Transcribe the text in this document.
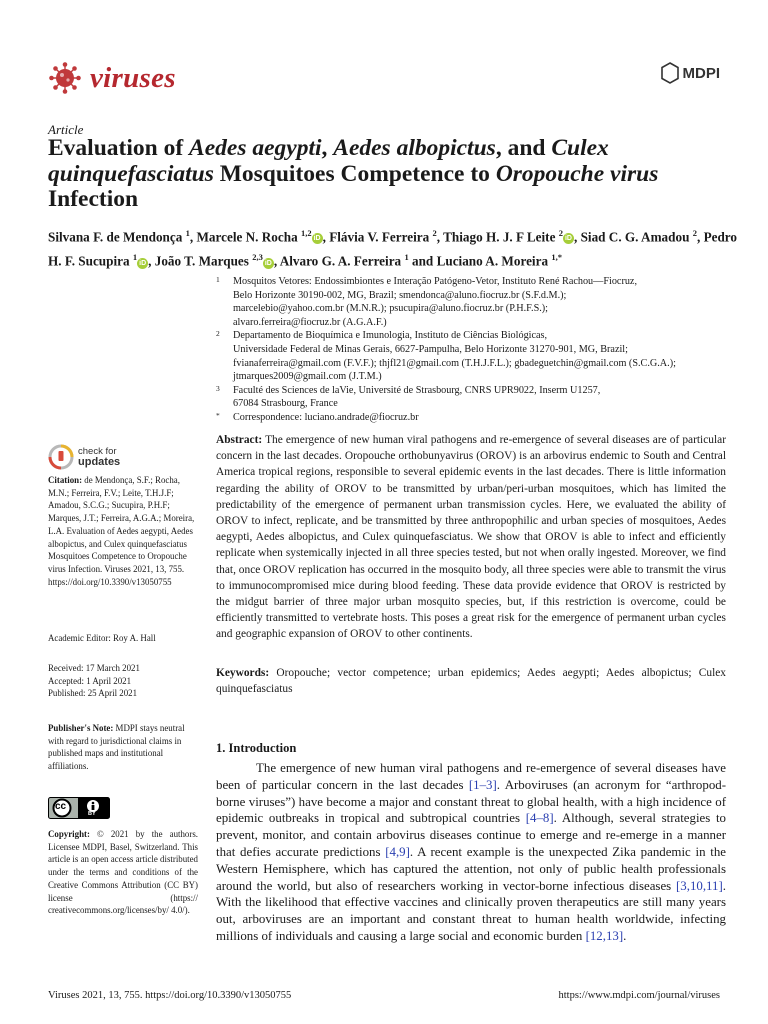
viruses	MDPI
Article
Evaluation of Aedes aegypti, Aedes albopictus, and Culex quinquefasciatus Mosquitoes Competence to Oropouche virus Infection
Silvana F. de Mendonça $^1$, Marcele N. Rocha $^{1,2}$iD , Flávia V. Ferreira $^2$, Thiago H. J. F Leite $^2$iD , Siad C. G. Amadou $^2$, Pedro H. F. Sucupira $^1$iD , João T. Marques $^{2,3}$iD , Alvaro G. A. Ferreira $^1$ and Luciano A. Moreira $^{1,*}$
1 Mosquitos Vetores: Endossimbiontes e Interação Patógeno-Vetor, Instituto René Rachou—Fiocruz,
Belo Horizonte 30190-002, MG, Brazil; smendonca@aluno.fiocruz.br (S.F.d.M.);
marcelebio@yahoo.com.br (M.N.R.); psucupira@aluno.fiocruz.br (P.H.F.S.);
alvaro.ferreira@fiocruz.br (A.G.A.F.)
2 Departamento de Bioquímica e Imunologia, Instituto de Ciências Biológicas,
Universidade Federal de Minas Gerais, 6627-Pampulha, Belo Horizonte 31270-901, MG, Brazil;
fvianaferreira@gmail.com (F.V.F.); thjfl21@gmail.com (T.H.J.F.L.); gbadeguetchin@gmail.com (S.C.G.A.);
jtmarques2009@gmail.com (J.T.M.)
3 Faculté des Sciences de laVie, Université de Strasbourg, CNRS UPR9022, Inserm U1257,
67084 Strasbourg, France
* Correspondence: luciano.andrade@fiocruz.br
check for
updates
Citation: de Mendonça, S.F.; Rocha, M.N.; Ferreira, F.V.; Leite, T.H.J.F; Amadou, S.C.G.; Sucupira, P.H.F; Marques, J.T.; Ferreira, A.G.A.; Moreira, L.A. Evaluation of Aedes aegypti, Aedes albopictus, and Culex quinquefasciatus Mosquitoes Competence to Oropouche virus Infection. Viruses 2021, 13, 755. https://doi.org/10.3390/v13050755
Academic Editor: Roy A. Hall
Received: 17 March 2021
Accepted: 1 April 2021
Published: 25 April 2021
Publisher's Note: MDPI stays neutral with regard to jurisdictional claims in published maps and institutional affiliations.
cc
BY
Copyright: © 2021 by the authors. Licensee MDPI, Basel, Switzerland. This article is an open access article distributed under the terms and conditions of the Creative Commons Attribution (CC BY) license (https:// creativecommons.org/licenses/by/ 4.0/).
Abstract: The emergence of new human viral pathogens and re-emergence of several diseases are of particular concern in the last decades. Oropouche orthobunyavirus (OROV) is an arbovirus endemic to South and Central America tropical regions, responsible to several epidemic events in the last decades. There is little information regarding the ability of OROV to be transmitted by urban/peri-urban mosquitoes, which has limited the predictability of the emergence of permanent urban transmission cycles. Here, we evaluated the ability of OROV to infect, replicate, and be transmitted by three anthropophilic and urban species of mosquitoes, Aedes aegypti, Aedes albopictus, and Culex quinquefasciatus. We show that OROV is able to infect and efficiently replicate when systemically injected in all three species tested, but not when orally ingested. Moreover, we find that, once OROV replication has occurred in the mosquito body, all three species were able to transmit the virus to immunocompromised mice during blood feeding. These data provide evidence that OROV is restricted by the midgut barrier of three major urban mosquito species, but, if this restriction is overcome, could be efficiently transmitted to vertebrate hosts. This poses a great risk for the emergence of permanent urban cycles and geographic expansion of OROV to other continents.
Keywords: Oropouche; vector competence; urban epidemics; Aedes aegypti; Aedes albopictus; Culex quinquefasciatus
1. Introduction
The emergence of new human viral pathogens and re-emergence of several diseases have been of particular concern in the last decades [1–3]. Arboviruses (an acronym for “arthropod-borne viruses”) have become a major and constant threat to global health, with a high incidence of epidemic outbreaks in tropical and subtropical countries [4–8]. Although, several strategies to prevent, monitor, and contain arbovirus diseases continue to emerge and re-emerge in a manner that defies accurate predictions [4,9]. A recent example is the unexpected Zika pandemic in the Western Hemisphere, which has captured the attention, not only of public health professionals around the world, but also of researchers working in vector-borne infectious diseases [3,10,11]. With the likelihood that effective vaccines and clinically proven therapeutics are still many years out, arboviruses are an important and constant threat to human health worldwide, infecting millions of individuals and causing a large social and economic burden [12,13].
Viruses 2021, 13, 755. https://doi.org/10.3390/v13050755	https://www.mdpi.com/journal/viruses
